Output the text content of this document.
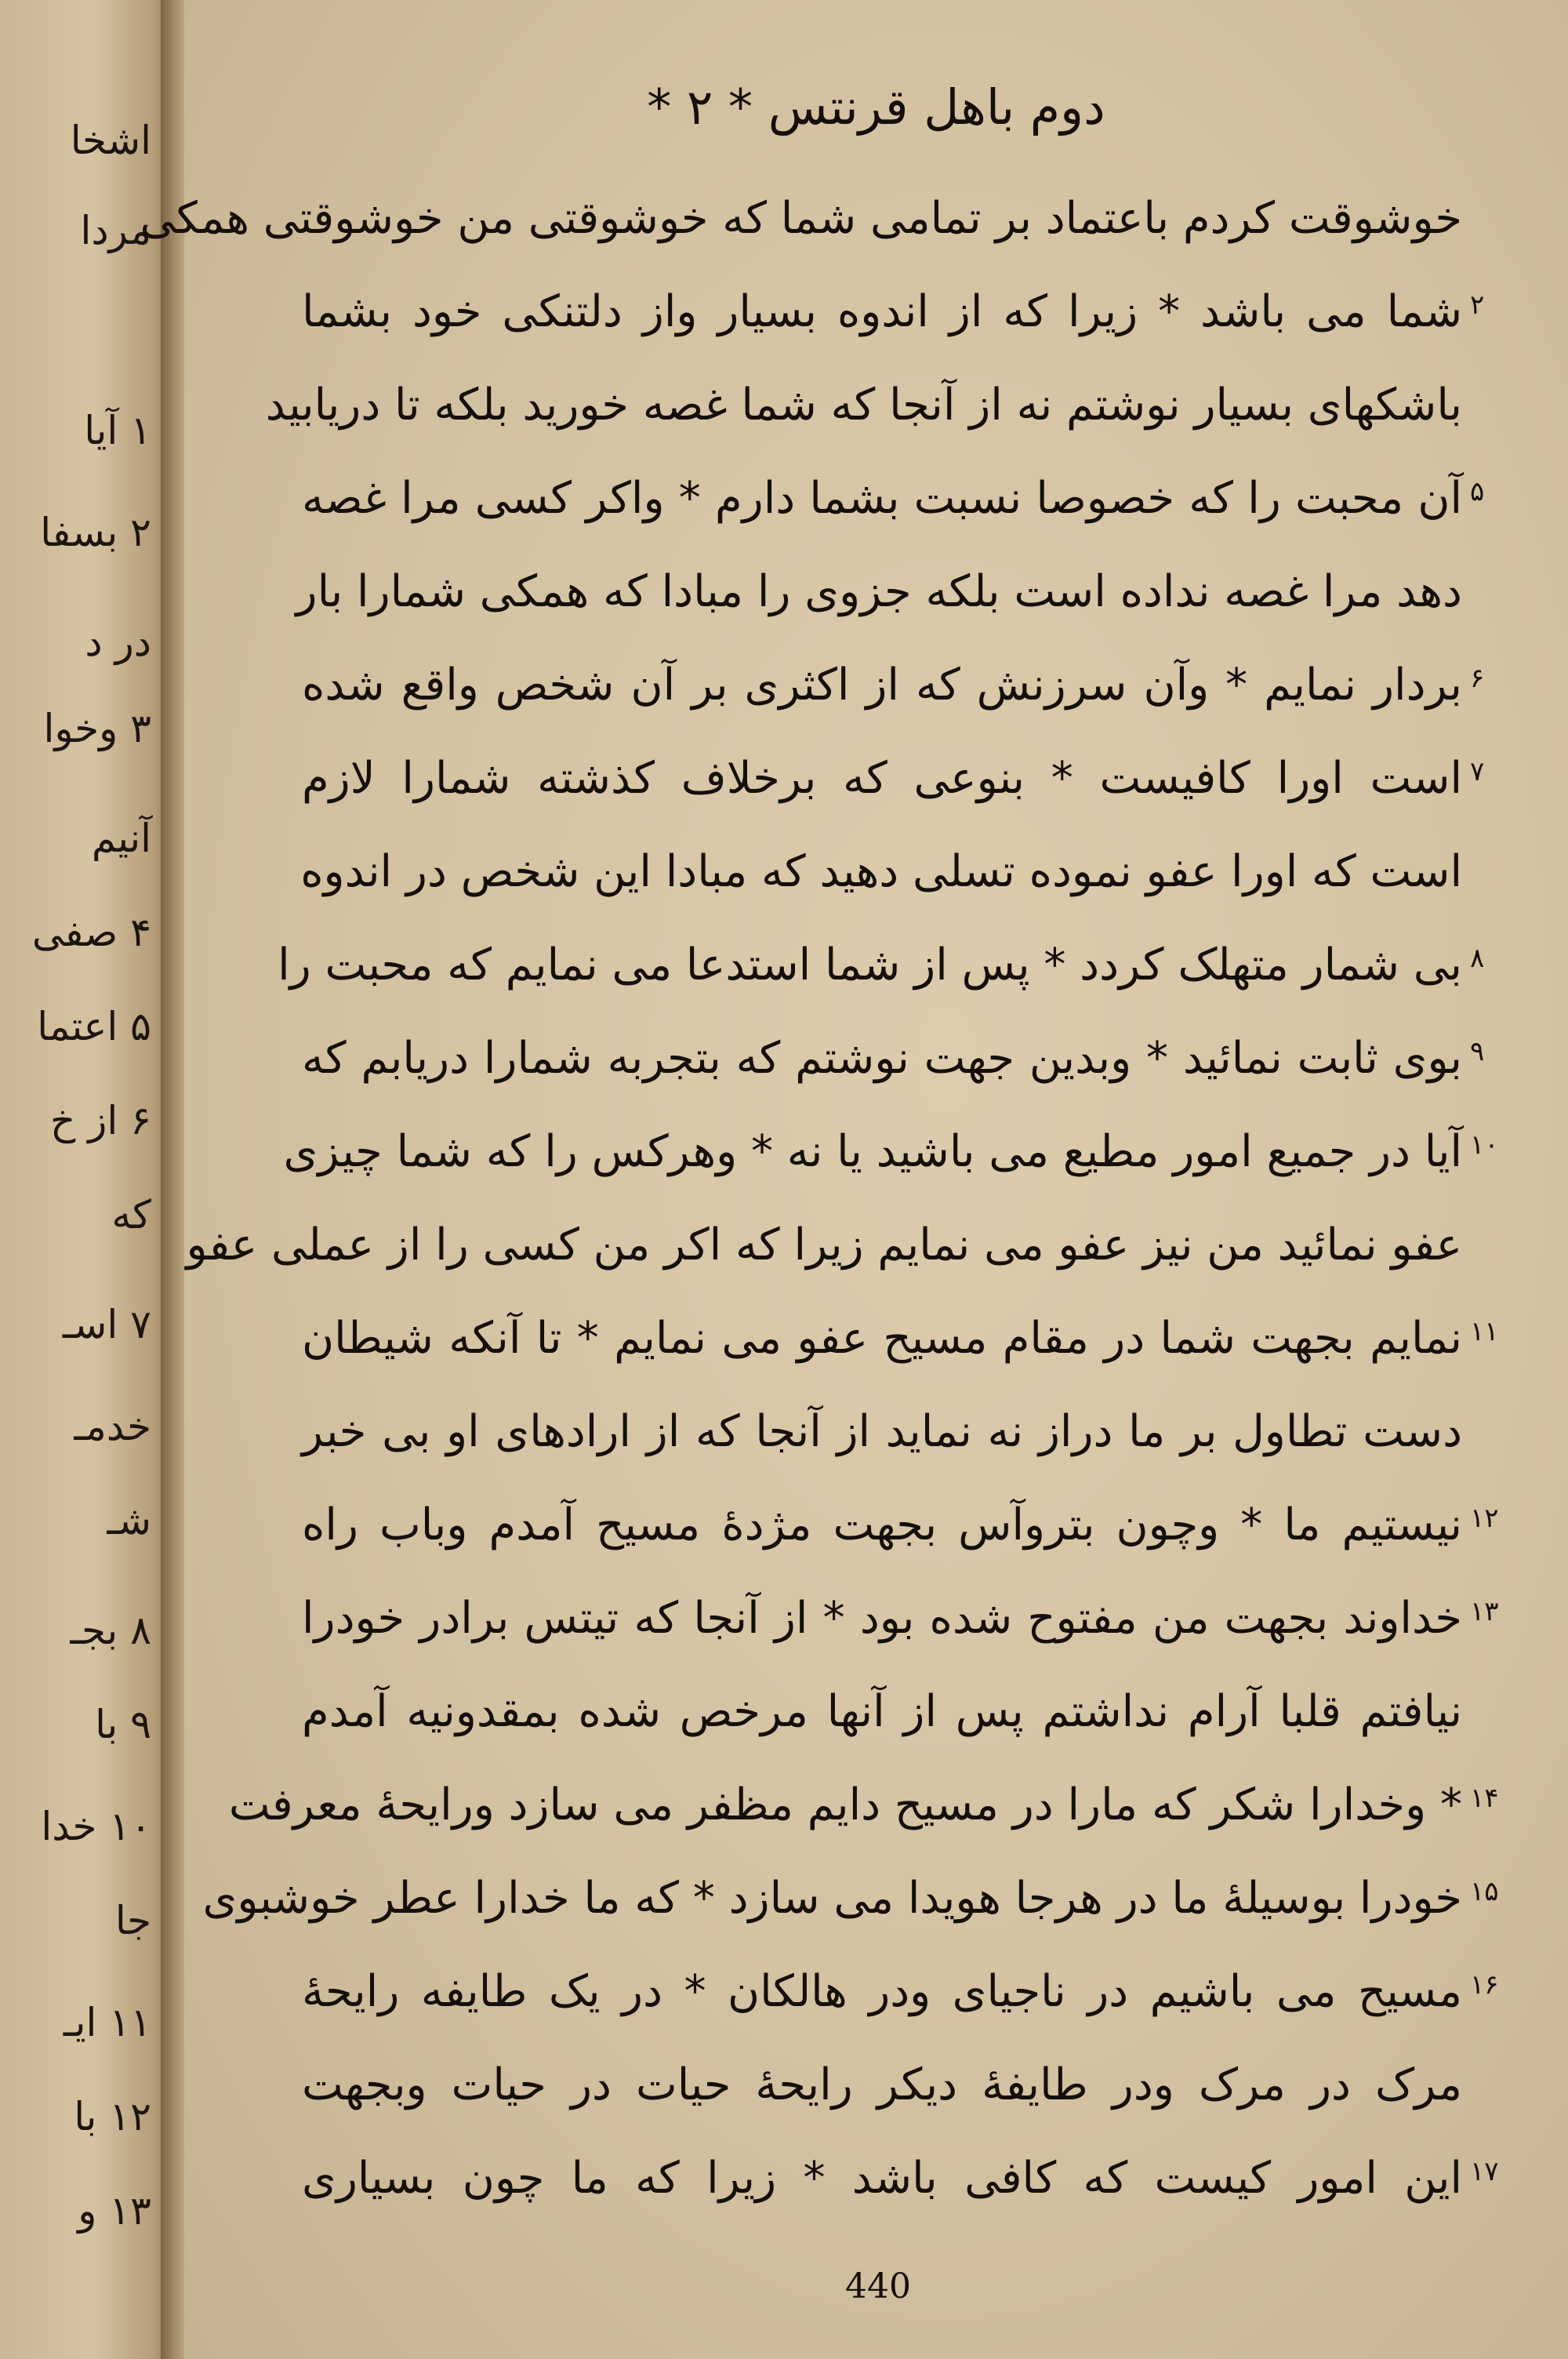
اشخا
مردا
۱ آیا
۲ بسفا
در د
۳ وخوا
آنیم
۴ صفی
۵ اعتما
۶ از خ
که
۷ اسـ
خدمـ
شـ
۸ بجـ
۹ با
۱۰ خدا
جا
۱۱ ایـ
۱۲ با
۱۳ و
دوم باهل قرنتس * ۲ *
خوشوقت کردم باعتماد بر تمامی شما که خوشوقتی من خوشوقتی همکی
شما می باشد * زیرا که از اندوه بسیار واز دلتنکی خود بشما ۲
باشکهای بسیار نوشتم نه از آنجا که شما غصه خورید بلکه تا دریابید
آن محبت را که خصوصا نسبت بشما دارم * واکر کسی مرا غصه ۵
دهد مرا غصه نداده است بلکه جزوی را مبادا که همکی شمارا بار
بردار نمایم * وآن سرزنش که از اکثری بر آن شخص واقع شده ۶
است اورا کافیست * بنوعی که برخلاف کذشته شمارا لازم ۷
است که اورا عفو نموده تسلی دهید که مبادا این شخص در اندوه
بی شمار متهلک کردد * پس از شما استدعا می نمایم که محبت را ۸
بوی ثابت نمائید * وبدین جهت نوشتم که بتجربه شمارا دریابم که ۹
آیا در جمیع امور مطیع می باشید یا نه * وهرکس را که شما چیزی ۱۰
عفو نمائید من نیز عفو می نمایم زیرا که اکر من کسی را از عملی عفو
نمایم بجهت شما در مقام مسیح عفو می نمایم * تا آنکه شیطان ۱۱
دست تطاول بر ما دراز نه نماید از آنجا که از ارادهای او بی خبر
نیستیم ما * وچون بتروآس بجهت مژدهٔ مسیح آمدم وباب راه ۱۲
خداوند بجهت من مفتوح شده بود * از آنجا که تیتس برادر خودرا ۱۳
نیافتم قلبا آرام نداشتم پس از آنها مرخص شده بمقدونیه آمدم
* وخدارا شکر که مارا در مسیح دایم مظفر می سازد ورایحهٔ معرفت ۱۴
خودرا بوسیلهٔ ما در هرجا هویدا می سازد * که ما خدارا عطر خوشبوی ۱۵
مسیح می باشیم در ناجیای ودر هالکان * در یک طایفه رایحهٔ ۱۶
مرک در مرک ودر طایفهٔ دیکر رایحهٔ حیات در حیات وبجهت
این امور کیست که کافی باشد * زیرا که ما چون بسیاری ۱۷
440
